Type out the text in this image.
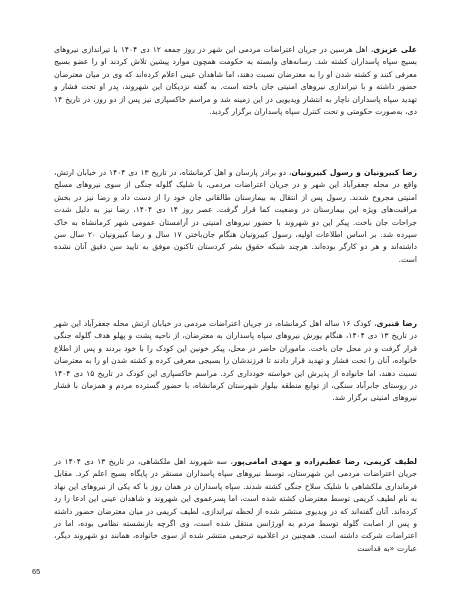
علی عزیزی، اهل هرسین در جریان اعتراضات مردمی این شهر در روز جمعه ۱۲ دی ۱۴۰۴ با تیراندازی نیروهای بسیج سپاه پاسداران کشته شد. رسانه‌های وابسته به حکومت همچون موارد پیشین تلاش کردند او را عضو بسیج معرفی کنند و کشته شدن او را به معترضان نسبت دهند، اما شاهدان عینی اعلام کرده‌اند که وی در میان معترضان حضور داشته و با تیراندازی نیروهای امنیتی جان باخته است. به گفته نزدیکان این شهروند، پدر او تحت فشار و تهدید سپاه پاسداران ناچار به انتشار ویدیویی در این زمینه شد و مراسم خاکسپاری نیز پس از دو روز، در تاریخ ۱۴ دی، به‌صورت حکومتی و تحت کنترل سپاه پاسداران برگزار گردید.

رضا کبیرونیان و رسول کبیرونیان، دو برادر پارسان و اهل کرمانشاه، در تاریخ ۱۳ دی ۱۴۰۴ در خیابان ارتش، واقع در محله جعفرآباد این شهر و در جریان اعتراضات مردمی، با شلیک گلوله جنگی از سوی نیروهای مسلح امنیتی مجروح شدند. رسول پس از انتقال به بیمارستان طالقانی جان خود را از دست داد و رضا نیز در بخش مراقبت‌های ویژه این بیمارستان در وضعیت کما قرار گرفت. عصر روز ۱۴ دی ۱۴۰۴، رضا نیز به دلیل شدت جراحات جان باخت. پیکر این دو شهروند با حضور نیروهای امنیتی در آرامستان عمومی شهر کرمانشاه به خاک سپرده شد. بر اساس اطلاعات اولیه، رسول کبیرونیان هنگام جان‌باختن ۱۷ سال و رضا کبیرونیان ۲۰ سال سن داشته‌اند و هر دو کارگر بوده‌اند. هرچند شبکه حقوق بشر کردستان تاکنون موفق به تایید سن دقیق آنان نشده است.

رضا قنبری، کودک ۱۶ ساله اهل کرمانشاه، در جریان اعتراضات مردمی در خیابان ارتش محله جعفرآباد این شهر در تاریخ ۱۳ دی ۱۴۰۴، هنگام یورش نیروهای سپاه پاسداران به معترضان، از ناحیه پشت و پهلو هدف گلوله جنگی قرار گرفت و در محل جان باخت. ماموران حاضر در محل، پیکر خونین این کودک را با خود بردند و پس از اطلاع خانواده، آنان را تحت فشار و تهدید قرار دادند تا فرزندشان را بسیجی معرفی کرده و کشته شدن او را به معترضان نسبت دهند، اما خانواده از پذیرش این خواسته خودداری کرد. مراسم خاکسپاری این کودک در تاریخ ۱۵ دی ۱۴۰۴ در روستای جابرآباد سنگی، از توابع منطقه بیلوار شهرستان کرمانشاه، با حضور گسترده مردم و همزمان با فشار نیروهای امنیتی برگزار شد.

لطیف کریمی، رضا عظیم‌زاده و مهدی امامی‌پور، سه شهروند اهل ملکشاهی، در تاریخ ۱۳ دی ۱۴۰۴ در جریان اعتراضات مردمی این شهرستان، توسط نیروهای سپاه پاسداران مستقر در پایگاه بسیج اعلم کرد. مقابل فرمانداری ملکشاهی با شلیک سلاح جنگی کشته شدند. سپاه پاسداران در همان روز با که یکی از نیروهای این نهاد به نام لطیف کریمی توسط معترضان کشته شده است، اما پسرعموی این شهروند و شاهدان عینی این ادعا را رد کرده‌اند. آنان گفته‌اند که در ویدیوی منتشر شده از لحظه تیراندازی، لطیف کریمی در میان معترضان حضور داشته و پس از اصابت گلوله توسط مردم به اورژانس منتقل شده است، وی اگرچه بازنشسته نظامی بوده، اما در اعتراضات شرکت داشته است. همچنین در اعلامیه ترحیمی منتشر شده از سوی خانواده، همانند دو شهروند دیگر، عبارت «به قداست

65
